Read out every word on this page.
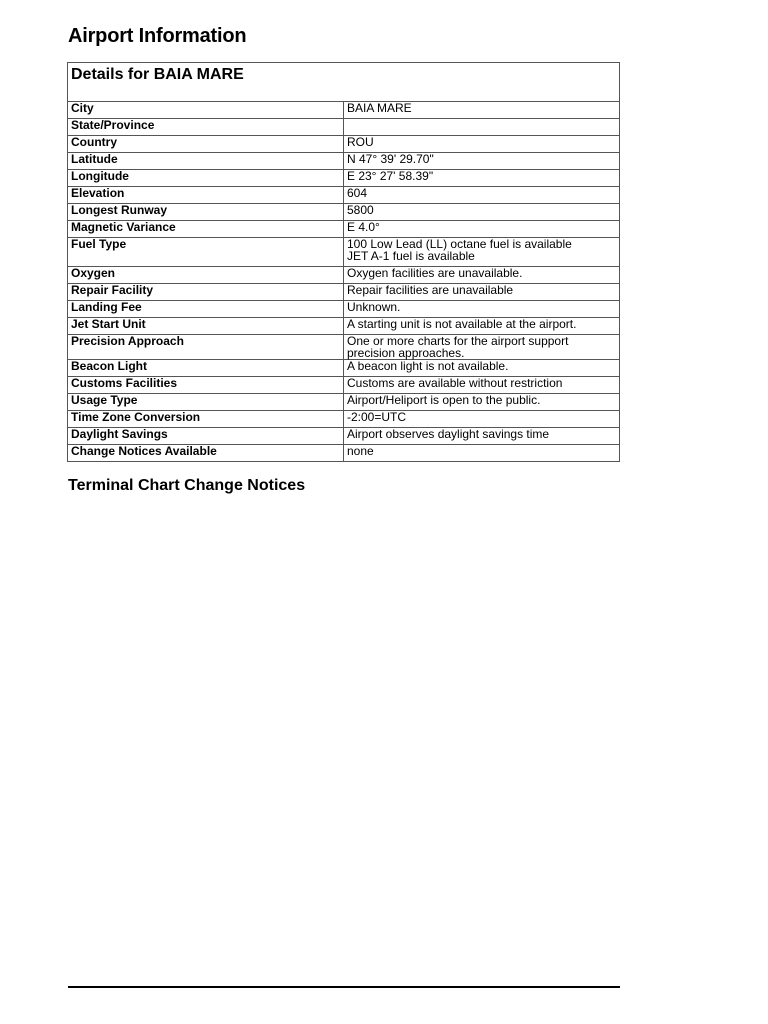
Airport Information
Details for BAIA MARE	
City	BAIA MARE
State/Province	
Country	ROU
Latitude	N 47° 39' 29.70"
Longitude	E 23° 27' 58.39"
Elevation	604
Longest Runway	5800
Magnetic Variance	E 4.0°
Fuel Type	100 Low Lead (LL) octane fuel is available
JET A-1 fuel is available

Oxygen	Oxygen facilities are unavailable.
Repair Facility	Repair facilities are unavailable
Landing Fee	Unknown.
Jet Start Unit	A starting unit is not available at the airport.
Precision Approach	One or more charts for the airport support precision approaches.
Beacon Light	A beacon light is not available.
Customs Facilities	Customs are available without restriction
Usage Type	Airport/Heliport is open to the public.
Time Zone Conversion	-2:00=UTC
Daylight Savings	Airport observes daylight savings time
Change Notices Available	none
Terminal Chart Change Notices
